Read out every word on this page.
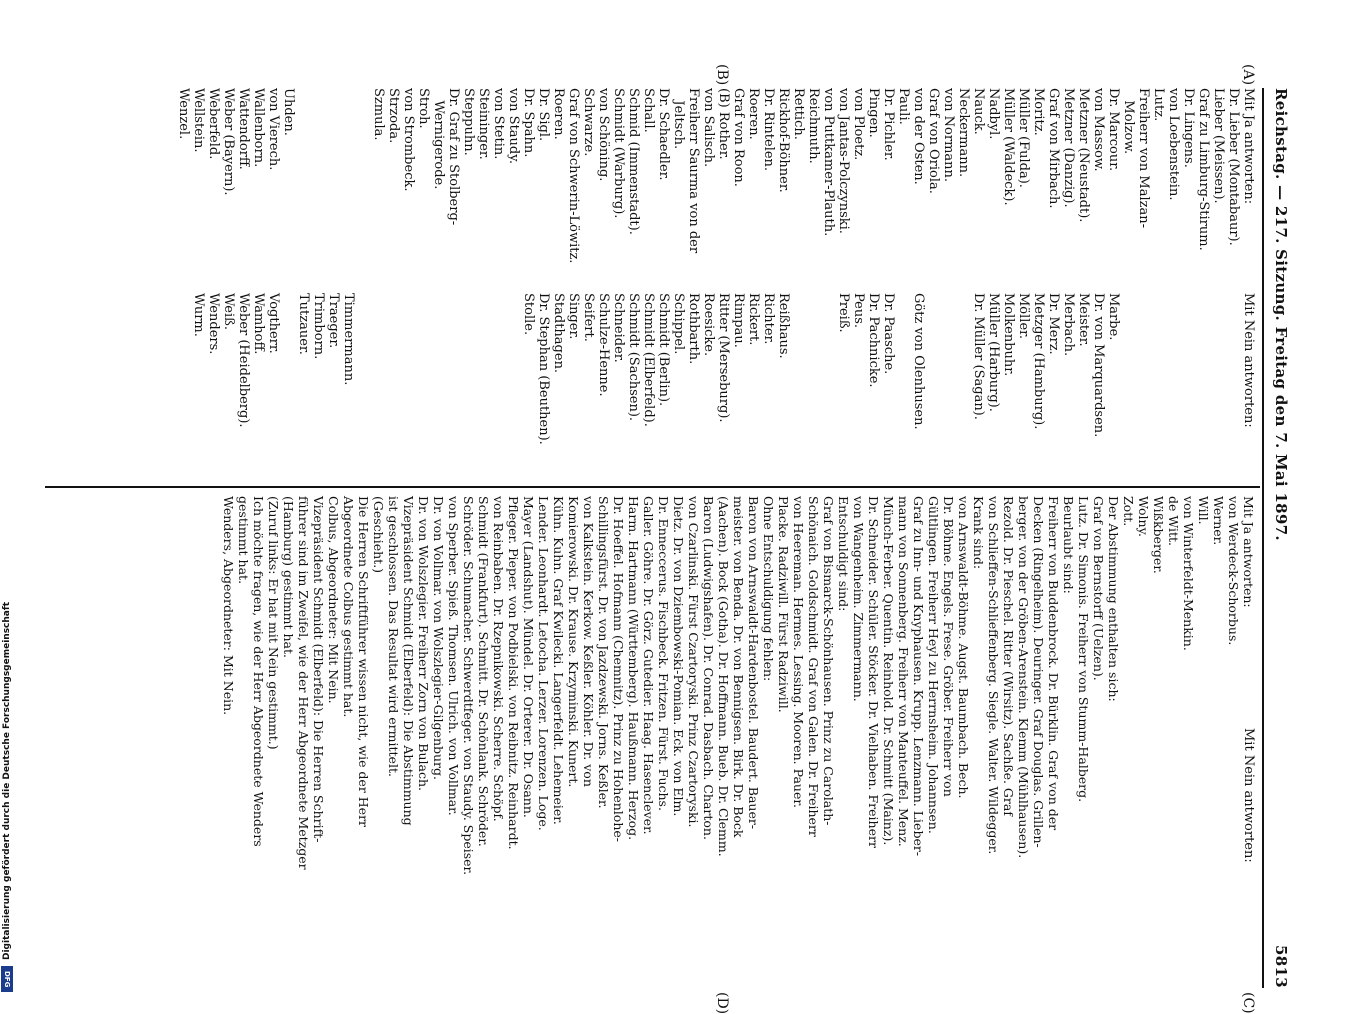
Reichstag. — 217. Sitzung. Freitag den 7. Mai 1897.
5813
(A)
(B)
(C)
(D)
Mit Ja antworten:
Dr. Lieber (Montabaur).
Lieber (Meissen).
Graf zu Limburg-Stirum.
Dr. Lingens.
von Loebenstein.
Lutz.
Freiherr von Malzan-
Molzow.
Dr. Marcour.
von Massow.
Metzner (Neustadt).
Metzner (Danzig).
Graf von Mirbach.
Moritz.
Müller (Fulda).
Müller (Waldeck).
Nadbyl.
Nauck.
Neckermann.
von Normann.
Graf von Oriola.
von der Osten.
Pauli.
Dr. Pichler.
Pingen.
von Ploetz.
von Jantas-Polczynski.
von Puttkamer-Plauth.
Reichmuth.
Rettich.
Rickhof-Böhner.
Dr. Rintelen.
Roeren.
Graf von Roon.
(B) Rother.
von Salisch.
Freiherr Saurma von der
Jeltsch.
Dr. Schaedler.
Schall.
Schmid (Immenstadt).
Schmidt (Warburg).
von Schöning.
Schwarze.
Graf von Schwerin-Löwitz.
Roeren.
Dr. Sigl.
Dr. Spahn.
von Staudy.
von Stetin.
Steininger.
Steppuhn.
Dr. Graf zu Stolberg-
Wernigerode.
Stroh.
von Strombeck.
Strzoda.
Szmula.
Uhden.
von Vierech.
Wallenborn.
Wattendorff.
Weber (Bayern).
Weberfeld.
Wellstein.
Wenzel.
Mit Nein antworten:
Marbe.
Dr. von Marquardsen.
Meister.
Merbach.
Dr. Merz.
Metzger (Hamburg).
Möller.
Molkenbuhr.
Müller (Harburg).
Dr. Müller (Sagan).
Götz von Olenhusen.
Dr. Paasche.
Dr. Pachnicke.
Peus.
Preiß.
Reißhaus.
Richter.
Rickert.
Rimpau.
Ritter (Merseburg).
Roesicke.
Rothbarth.
Schippel.
Schmidt (Berlin).
Schmidt (Elberfeld).
Schmidt (Sachsen).
Schneider.
Schulze-Henne.
Seifert.
Singer.
Stadthagen.
Dr. Stephan (Beuthen).
Stolle.
Timmermann.
Traeger.
Trimborn.
Tutzauer.
Vogtherr.
Wamhoff.
Weber (Heidelberg).
Weiß.
Wenders.
Wurm.
Mit Ja antworten:
von Werdeck-Schorbus.
Werner.
Will.
von Winterfeldt-Menkin.
de Witt.
Wißkberger.
Wolny.
Zott.
Der Abstimmung enthalten sich:
Graf von Bernstorff (Uelzen).
Lutz. Dr. Simonis. Freiherr von Stumm-Halberg.
Beurlaubt sind:
Freiherr von Buddenbrock. Dr. Bürklin. Graf von der
Decken (Ringelheim). Deuringer. Graf Douglas. Grillen-
berger. von der Gröben-Arenstein. Klemm (Mühlhausen).
Rezold. Dr. Pieschel. Ritter (Wirsitz). Sachße. Graf
von Schlieffen-Schlieffenberg. Siegle. Walter. Wildegger.
Krank sind:
von Arnswaldt-Böhme. Augst. Baumbach. Bech.
Dr. Böhme. Engels. Frese. Gröber. Freiherr von
Gültlingen. Freiherr Heyl zu Herrnsheim. Johannsen.
Graf zu Inn- und Knyphausen. Krupp. Lenzmann. Lieber-
mann von Sonnenberg. Freiherr von Manteuffel. Menz.
Münch-Ferber. Quentin. Reinhold. Dr. Schmitt (Mainz).
Dr. Schneider. Schüler. Stöcker. Dr. Vielhaben. Freiherr
von Wangenheim. Zimmermann.
Entschuldigt sind:
Graf von Bismarck-Schönhausen. Prinz zu Carolath-
Schönaich. Goldschmidt. Graf von Galen. Dr. Freiherr
von Heereman. Hermes. Lessing. Mooren. Pauer.
Placke. Radziwill. Fürst Radziwill.
Ohne Entschuldigung fehlen:
Baron von Arnswaldt-Hardenbostel. Baudert. Bauer-
meister. von Benda. Dr. von Bennigsen. Birk. Dr. Bock
(Aachen). Bock (Gotha). Dr. Hoffmann. Bueb. Dr. Clemm.
Baron (Ludwigshafen). Dr. Conrad. Dasbach. Charton.
von Czarlinski. Fürst Czartoryski. Prinz Czartoryski.
Dietz. Dr. von Dziembowski-Pomian. Eck. von Elm.
Dr. Enneccerus. Fischbeck. Fritzen. Fürst. Fuchs.
Galler. Göhre. Dr. Görz. Gutedier. Haag. Hasenclever.
Harm. Hartmann (Württemberg). Haußmann. Herzog.
Dr. Hoeffel. Hofmann (Chemnitz). Prinz zu Hohenlohe-
Schillingsfürst. Dr. von Jazdzewski. Jorns. Keßler.
von Kalkstein. Kerkow. Keßler. Köhler. Dr. von
Komierowski. Dr. Krause. Krzyminski. Kunert.
Kühn. Kuhn. Graf Kwilecki. Langerfeldt. Lehemeier.
Lender. Leonhardt. Letocha. Lerzer. Lorenzen. Loge.
Mayer (Landshut). Mündel. Dr. Orterer. Dr. Osann.
Pfleger. Pieper. von Podbielski. von Reibnitz. Reinhardt.
von Reinbaben. Dr. Rzepnikowski. Scherre. Schöpf.
Schmidt (Frankfurt). Schmitt. Dr. Schönlank. Schröder.
Schröder. Schumacher. Schwerdtfeger. von Staudy. Speiser.
von Sperber. Spieß. Thomsen. Ulrich. von Vollmar.
Dr. von Vollmar. von Wolszlegier-Gilgenburg.
Dr. von Wolszlegier. Freiherr Zorn von Bulach.
Vizepräsident Schmidt (Elberfeld): Die Abstimmung
ist geschlossen. Das Resultat wird ermittelt.
(Geschieht.)
Die Herren Schriftführer wissen nicht, wie der Herr
Abgeordnete Colbus gestimmt hat.
Colbus, Abgeordneter: Mit Nein.
Vizepräsident Schmidt (Elberfeld): Die Herren Schrift-
führer sind im Zweifel, wie der Herr Abgeordnete Metzger
(Hamburg) gestimmt hat.
(Zuruf links: Er hat mit Nein gestimmt.)
Ich möchte fragen, wie der Herr Abgeordnete Wenders
gestimmt hat.
Wenders, Abgeordneter: Mit Nein.
Mit Nein antworten:
DFG
Digitalisierung gefördert durch die Deutsche Forschungsgemeinschaft
